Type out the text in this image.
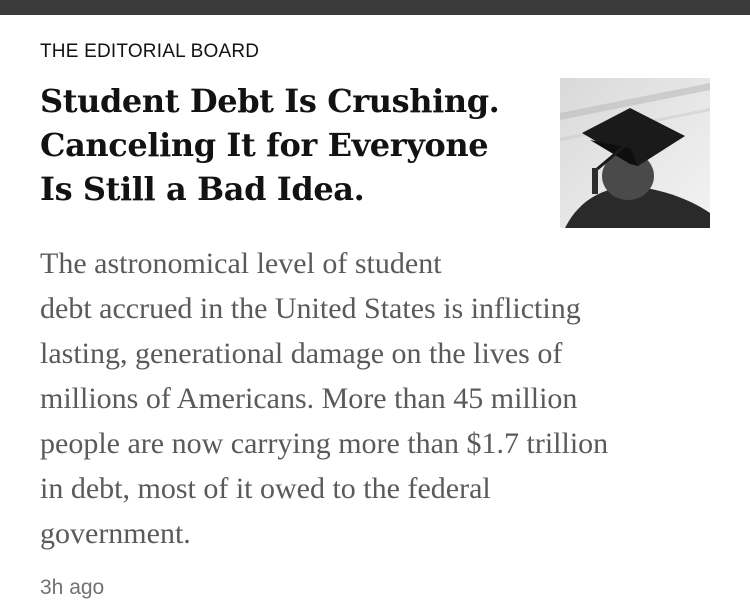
THE EDITORIAL BOARD
Student Debt Is Crushing.
Canceling It for Everyone
Is Still a Bad Idea.

The astronomical level of student
debt accrued in the United States is inflicting
lasting, generational damage on the lives of
millions of Americans. More than 45 million
people are now carrying more than $1.7 trillion
in debt, most of it owed to the federal
government.

3h ago
